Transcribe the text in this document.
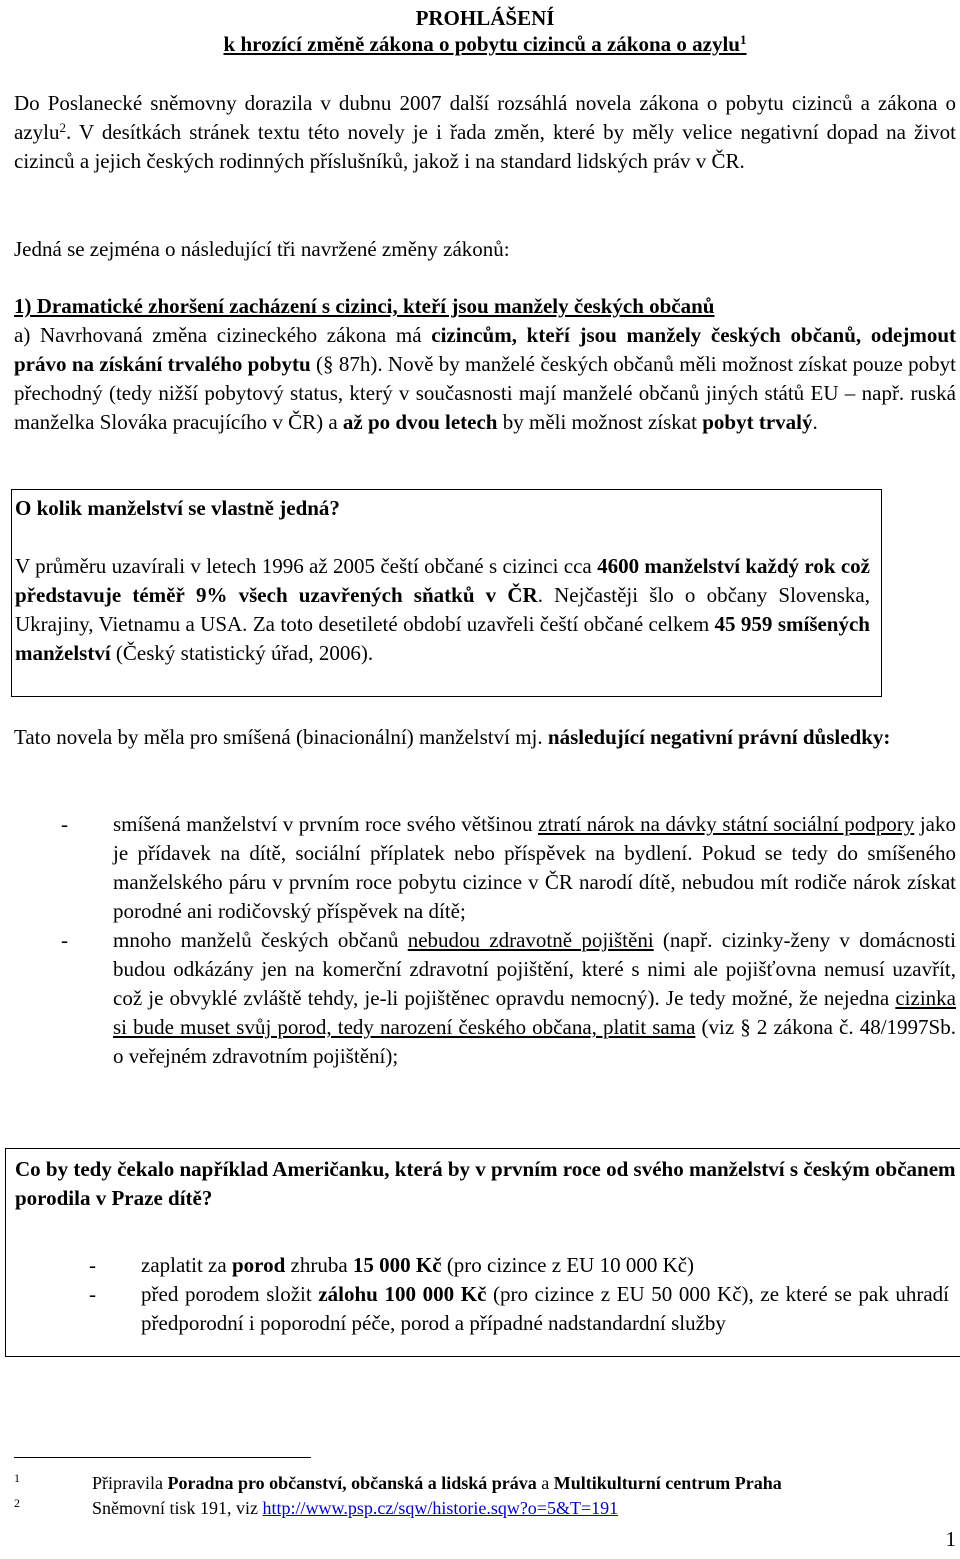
PROHLÁŠENÍ
k hrozící změně zákona o pobytu cizinců a zákona o azylu$^1$
Do Poslanecké sněmovny dorazila v dubnu 2007 další rozsáhlá novela zákona o pobytu cizinců a zákona o azylu$^2$. V desítkách stránek textu této novely je i řada změn, které by měly velice negativní dopad na život cizinců a jejich českých rodinných příslušníků, jakož i na standard lidských práv v ČR.
Jedná se zejména o následující tři navržené změny zákonů:
1) Dramatické zhoršení zacházení s cizinci, kteří jsou manžely českých občanů
a) Navrhovaná změna cizineckého zákona má cizincům, kteří jsou manžely českých občanů, odejmout právo na získání trvalého pobytu (§ 87h). Nově by manželé českých občanů měli možnost získat pouze pobyt přechodný (tedy nižší pobytový status, který v současnosti mají manželé občanů jiných států EU – např. ruská manželka Slováka pracujícího v ČR) a až po dvou letech by měli možnost získat pobyt trvalý.
O kolik manželství se vlastně jedná?
V průměru uzavírali v letech 1996 až 2005 čeští občané s cizinci cca 4600 manželství každý rok což představuje téměř 9% všech uzavřených sňatků v ČR. Nejčastěji šlo o občany Slovenska, Ukrajiny, Vietnamu a USA. Za toto desetileté období uzavřeli čeští občané celkem 45 959 smíšených manželství (Český statistický úřad, 2006).
Tato novela by měla pro smíšená (binacionální) manželství mj. následující negativní právní důsledky:
- smíšená manželství v prvním roce svého většinou ztratí nárok na dávky státní sociální podpory jako je přídavek na dítě, sociální příplatek nebo příspěvek na bydlení. Pokud se tedy do smíšeného manželského páru v prvním roce pobytu cizince v ČR narodí dítě, nebudou mít rodiče nárok získat porodné ani rodičovský příspěvek na dítě;
- mnoho manželů českých občanů nebudou zdravotně pojištěni (např. cizinky-ženy v domácnosti budou odkázány jen na komerční zdravotní pojištění, které s nimi ale pojišťovna nemusí uzavřít, což je obvyklé zvláště tehdy, je-li pojištěnec opravdu nemocný). Je tedy možné, že nejedna cizinka si bude muset svůj porod, tedy narození českého občana, platit sama (viz § 2 zákona č. 48/1997Sb. o veřejném zdravotním pojištění);
Co by tedy čekalo například Američanku, která by v prvním roce od svého manželství s českým občanem porodila v Praze dítě?
- zaplatit za porod zhruba 15 000 Kč (pro cizince z EU 10 000 Kč)
- před porodem složit zálohu 100 000 Kč (pro cizince z EU 50 000 Kč), ze které se pak uhradí předporodní i poporodní péče, porod a případné nadstandardní služby
1	Připravila Poradna pro občanství, občanská a lidská práva a Multikulturní centrum Praha
2	Sněmovní tisk 191, viz http://www.psp.cz/sqw/historie.sqw?o=5&T=191
1
